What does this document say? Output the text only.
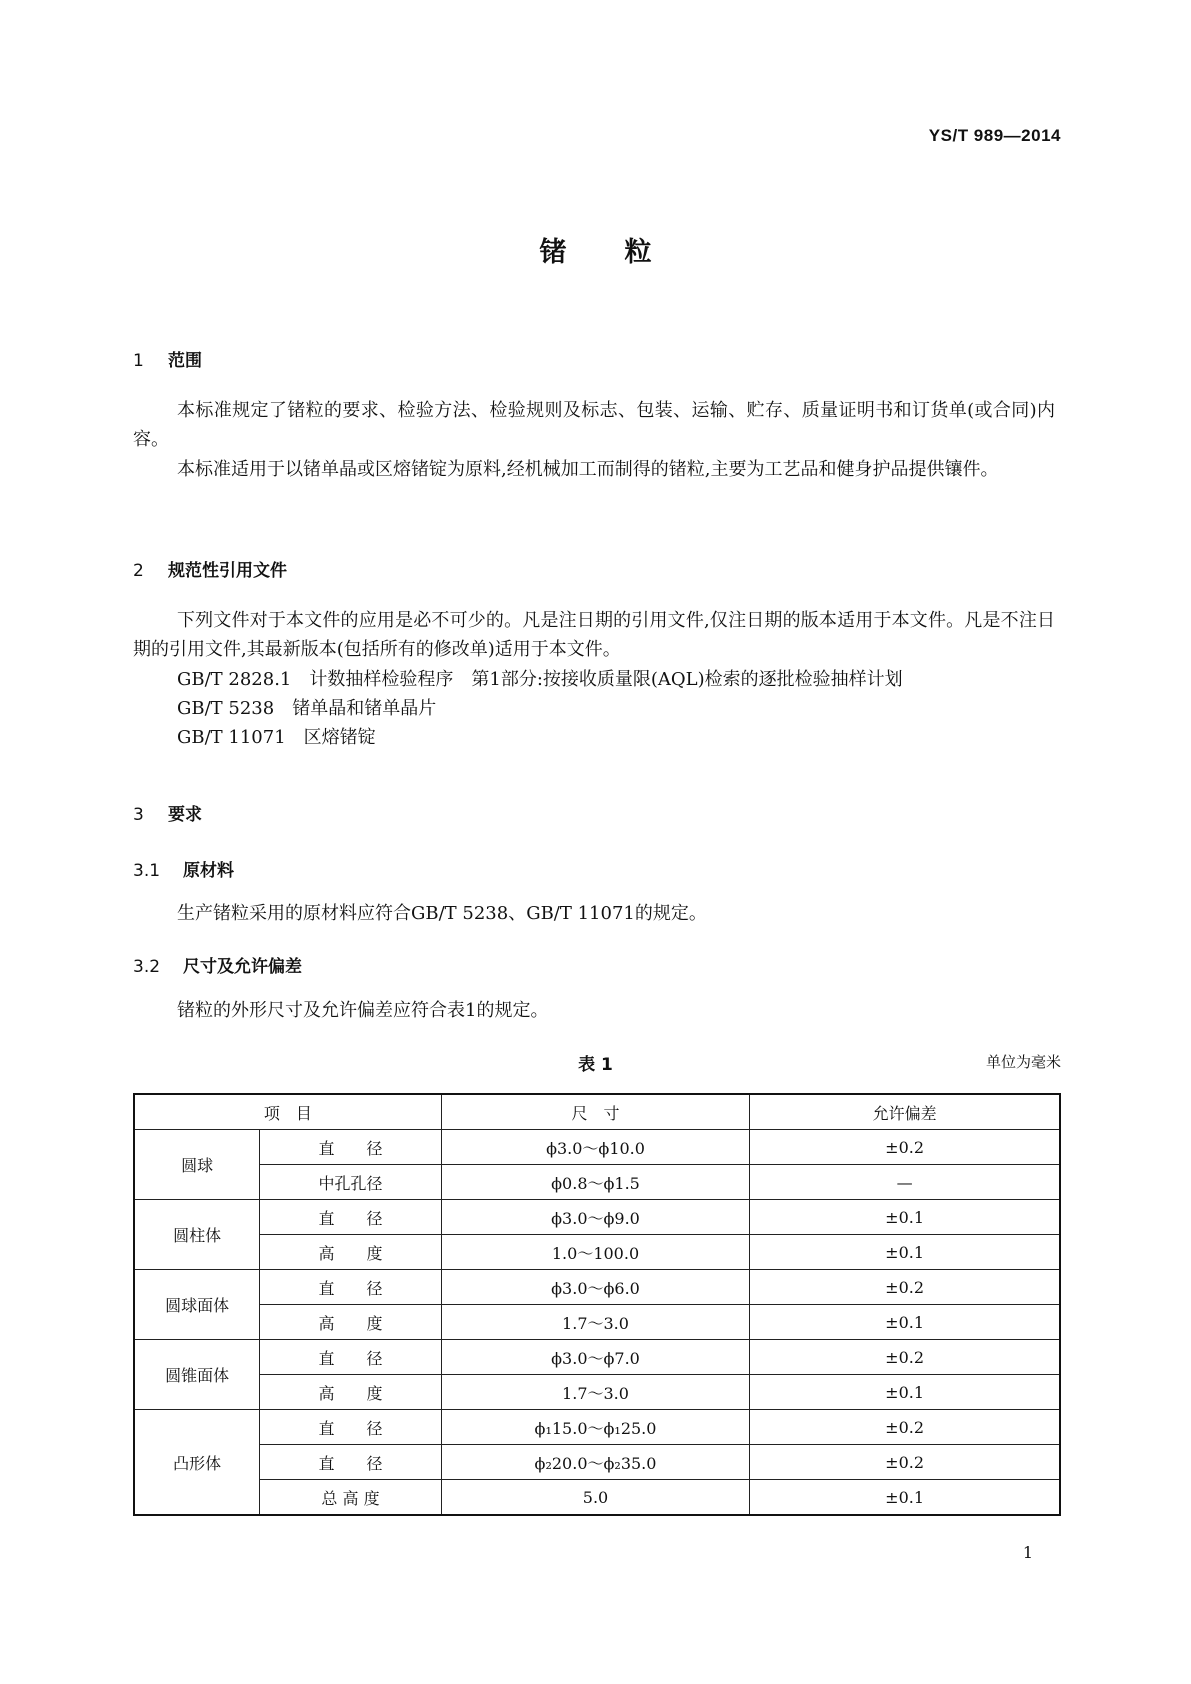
YS/T 989—2014
锗 粒
1 范围
本标准规定了锗粒的要求、检验方法、检验规则及标志、包装、运输、贮存、质量证明书和订货单(或合同)内容。
本标准适用于以锗单晶或区熔锗锭为原料,经机械加工而制得的锗粒,主要为工艺品和健身护品提供镶件。
2 规范性引用文件
下列文件对于本文件的应用是必不可少的。凡是注日期的引用文件,仅注日期的版本适用于本文件。凡是不注日期的引用文件,其最新版本(包括所有的修改单)适用于本文件。
GB/T 2828.1　计数抽样检验程序　第1部分:按接收质量限(AQL)检索的逐批检验抽样计划
GB/T 5238　锗单晶和锗单晶片
GB/T 11071　区熔锗锭
3 要求
3.1 原材料
生产锗粒采用的原材料应符合GB/T 5238、GB/T 11071的规定。
3.2 尺寸及允许偏差
锗粒的外形尺寸及允许偏差应符合表1的规定。
表 1	单位为毫米
项　目		尺　寸	允许偏差
圆球	直　　径	ϕ3.0～ϕ10.0	±0.2
	中孔孔径	ϕ0.8～ϕ1.5	—
圆柱体	直　　径	ϕ3.0～ϕ9.0	±0.1
	高　　度	1.0～100.0	±0.1
圆球面体	直　　径	ϕ3.0～ϕ6.0	±0.2
	高　　度	1.7～3.0	±0.1
圆锥面体	直　　径	ϕ3.0～ϕ7.0	±0.2
	高　　度	1.7～3.0	±0.1
凸形体	直　　径	ϕ₁15.0～ϕ₁25.0	±0.2
	直　　径	ϕ₂20.0～ϕ₂35.0	±0.2
	总 高 度	5.0	±0.1
1
